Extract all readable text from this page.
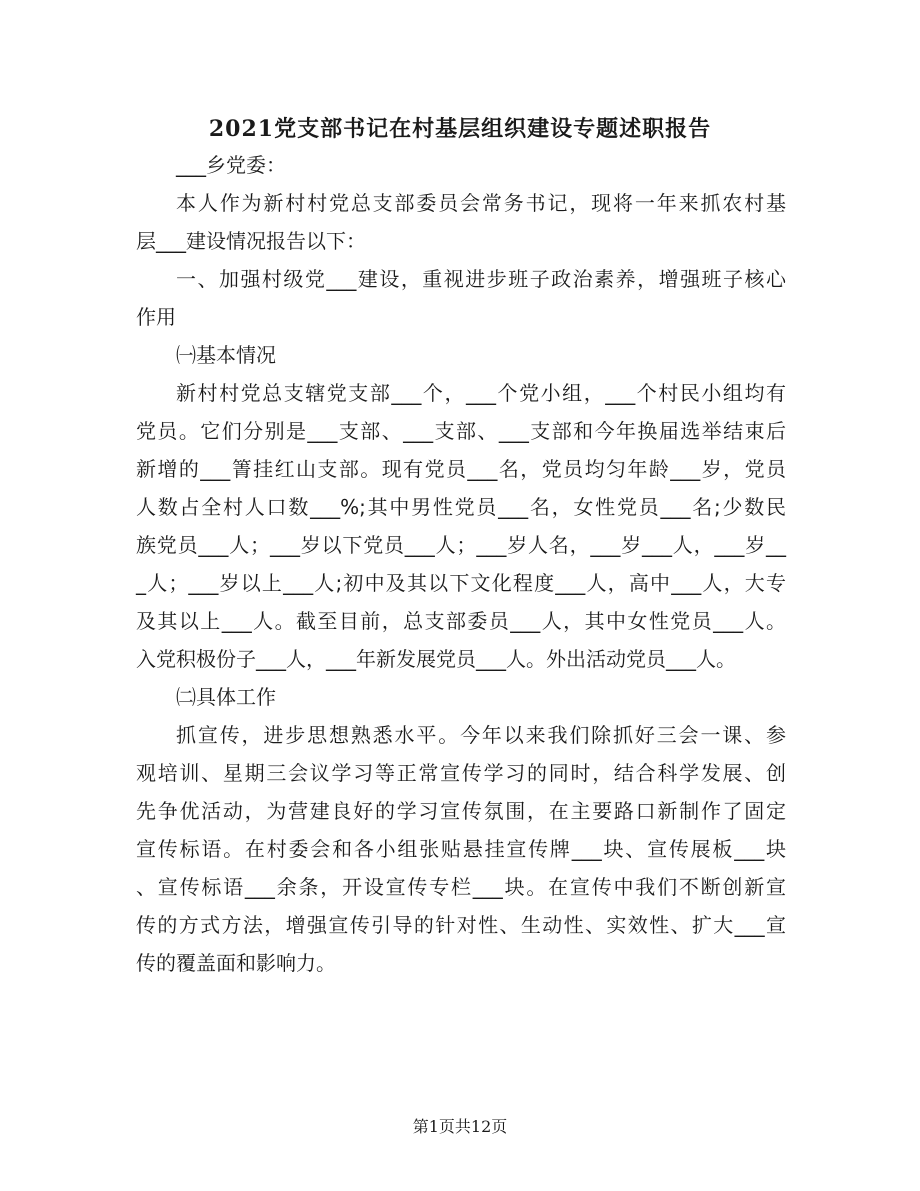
2021党支部书记在村基层组织建设专题述职报告
___乡党委：
本人作为新村村党总支部委员会常务书记，现将一年来抓农村基
层___建设情况报告以下：
一、加强村级党___建设，重视进步班子政治素养，增强班子核心
作用
㈠基本情况
新村村党总支辖党支部___个，___个党小组，___个村民小组均有
党员。它们分别是___支部、___支部、___支部和今年换届选举结束后
新增的___箐挂红山支部。现有党员___名，党员均匀年龄___岁，党员
人数占全村人口数___%;其中男性党员___名，女性党员___名;少数民
族党员___人；___岁以下党员___人；___岁人名，___岁___人，___岁__
_人；___岁以上___人;初中及其以下文化程度___人，高中___人，大专
及其以上___人。截至目前，总支部委员___人，其中女性党员___人。
入党积极份子___人，___年新发展党员___人。外出活动党员___人。
㈡具体工作
抓宣传，进步思想熟悉水平。今年以来我们除抓好三会一课、参
观培训、星期三会议学习等正常宣传学习的同时，结合科学发展、创
先争优活动，为营建良好的学习宣传氛围，在主要路口新制作了固定
宣传标语。在村委会和各小组张贴悬挂宣传牌___块、宣传展板___块
、宣传标语___余条，开设宣传专栏___块。在宣传中我们不断创新宣
传的方式方法，增强宣传引导的针对性、生动性、实效性、扩大___宣
传的覆盖面和影响力。
第1页共12页
